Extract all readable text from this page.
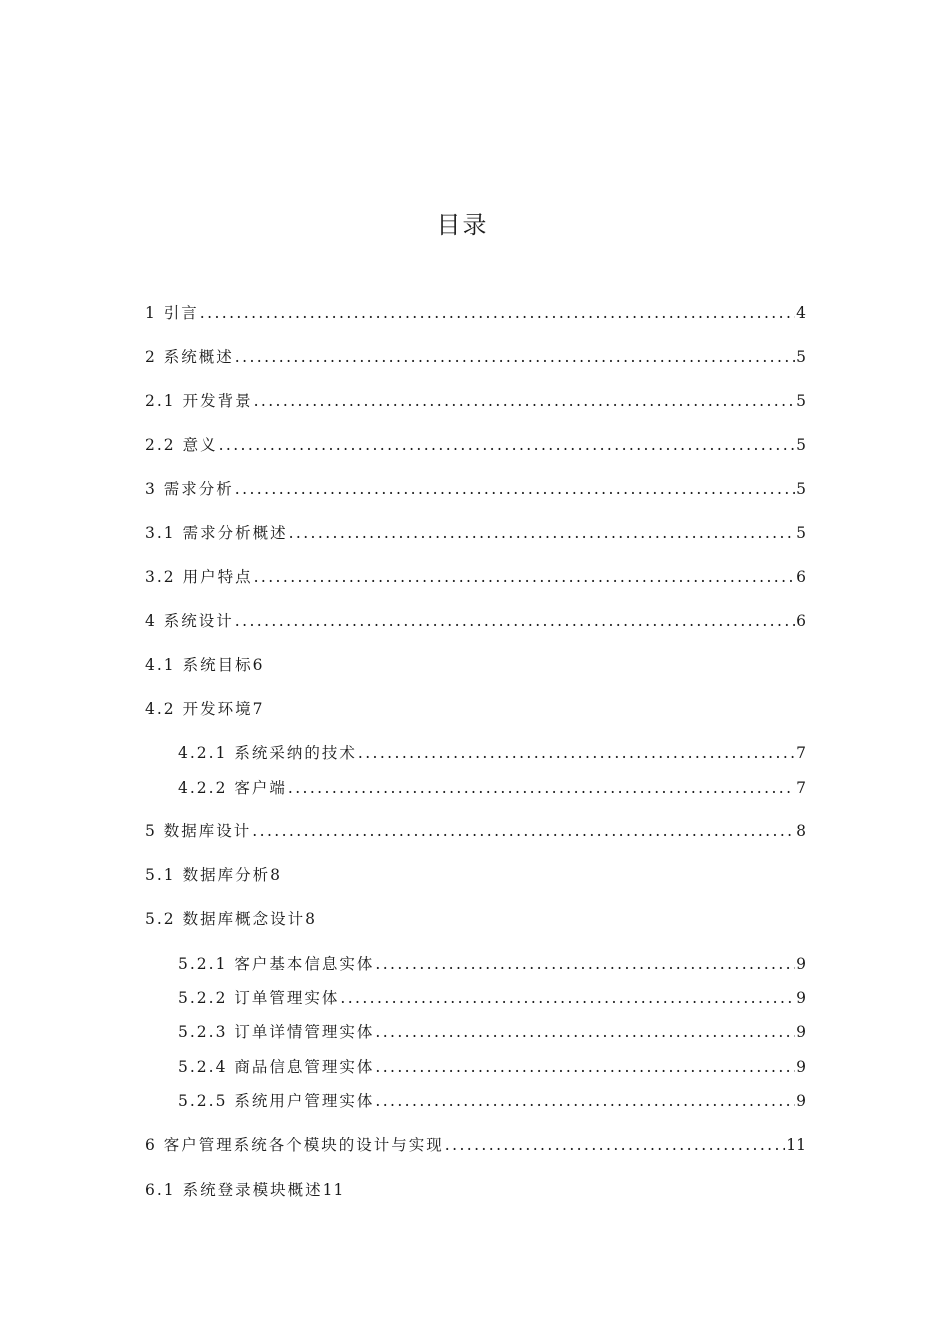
目录
1 引言 .....	4
2 系统概述 .....	5
2.1 开发背景 .....	5
2.2 意义 .....	5
3 需求分析 .....	5
3.1 需求分析概述 .....	5
3.2 用户特点 .....	6
4 系统设计 .....	6
4.1 系统目标 6
4.2 开发环境 7
4.2.1 系统采纳的技术 .....	7
4.2.2 客户端 .....	7
5 数据库设计 .....	8
5.1 数据库分析 8
5.2 数据库概念设计 8
5.2.1 客户基本信息实体 .....	9
5.2.2 订单管理实体 .....	9
5.2.3 订单详情管理实体 .....	9
5.2.4 商品信息管理实体 .....	9
5.2.5 系统用户管理实体 .....	9
6 客户管理系统各个模块的设计与实现 .....	11
6.1 系统登录模块概述 11
